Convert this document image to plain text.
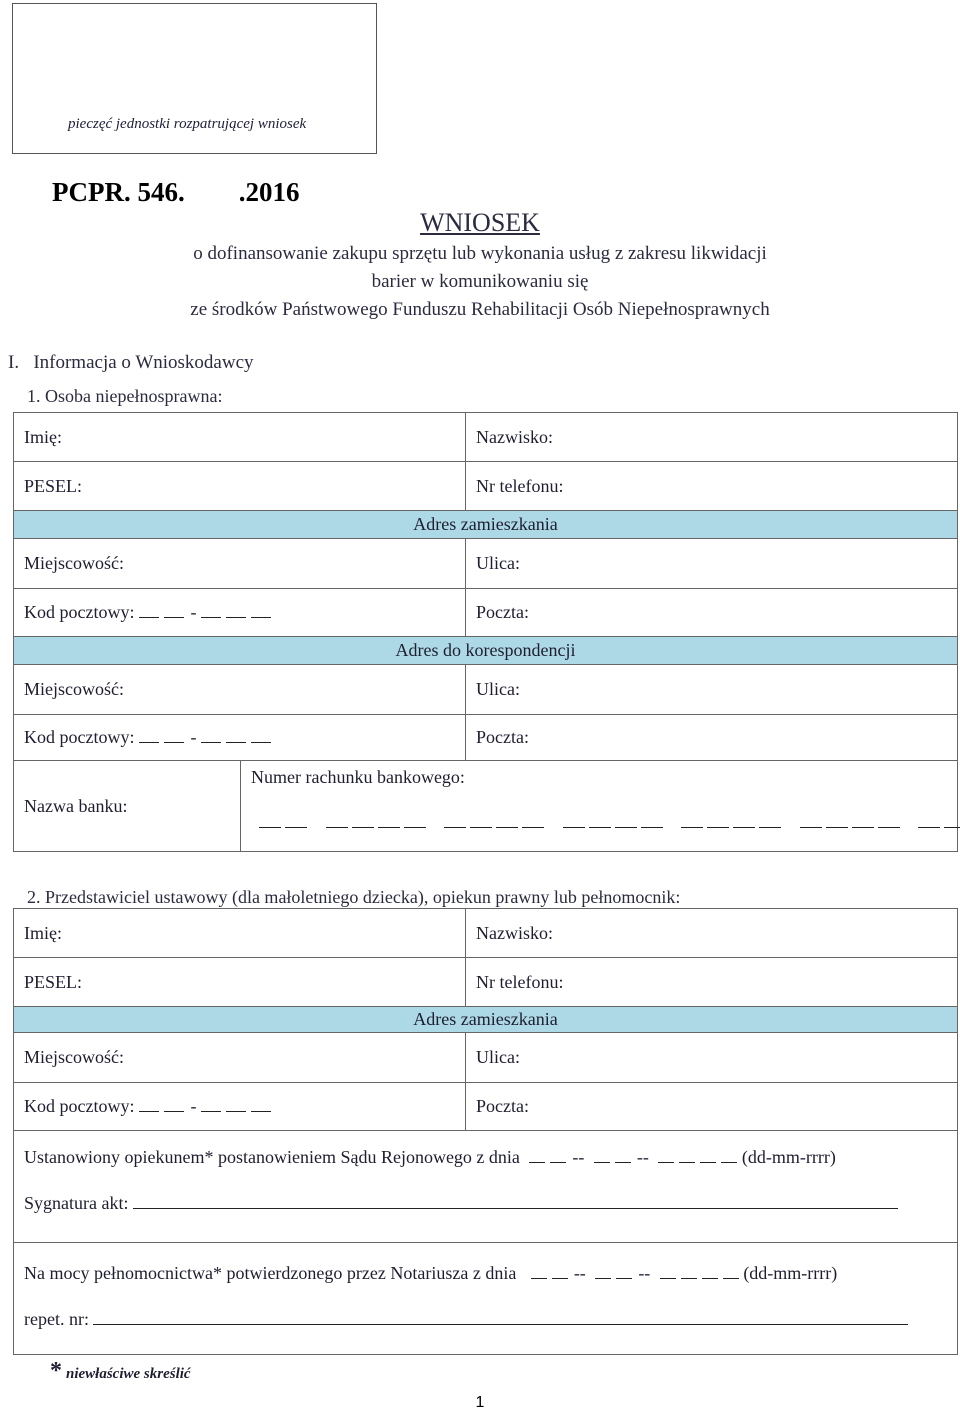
pieczęć jednostki rozpatrującej wniosek
PCPR. 546.        .2016
WNIOSEK
o dofinansowanie zakupu sprzętu lub wykonania usług z zakresu likwidacji
barier w komunikowaniu się
ze środków Państwowego Funduszu Rehabilitacji Osób Niepełnosprawnych
I.   Informacja o Wnioskodawcy
1. Osoba niepełnosprawna:
Imię:		Nazwisko:
PESEL:		Nr telefonu:
Adres zamieszkania		
Miejscowość:		Ulica:
Kod pocztowy: -		Poczta:
Adres do korespondencji		
Miejscowość:		Ulica:
Kod pocztowy: -		Poczta:
Nazwa banku:	Numer rachunku bankowego:	

2. Przedstawiciel ustawowy (dla małoletniego dziecka), opiekun prawny lub pełnomocnik:
Imię:	Nazwisko:
PESEL:	Nr telefonu:
Adres zamieszkania	
Miejscowość:	Ulica:
Kod pocztowy: -	Poczta:

Ustanowiony opiekunem* postanowieniem Sądu Rejonowego z dnia -- -- (dd-mm-rrrr)
Sygnatura akt:	

Na mocy pełnomocnictwa* potwierdzonego przez Notariusza z dnia -- -- (dd-mm-rrrr)
repet. nr:	
* niewłaściwe skreślić
1
